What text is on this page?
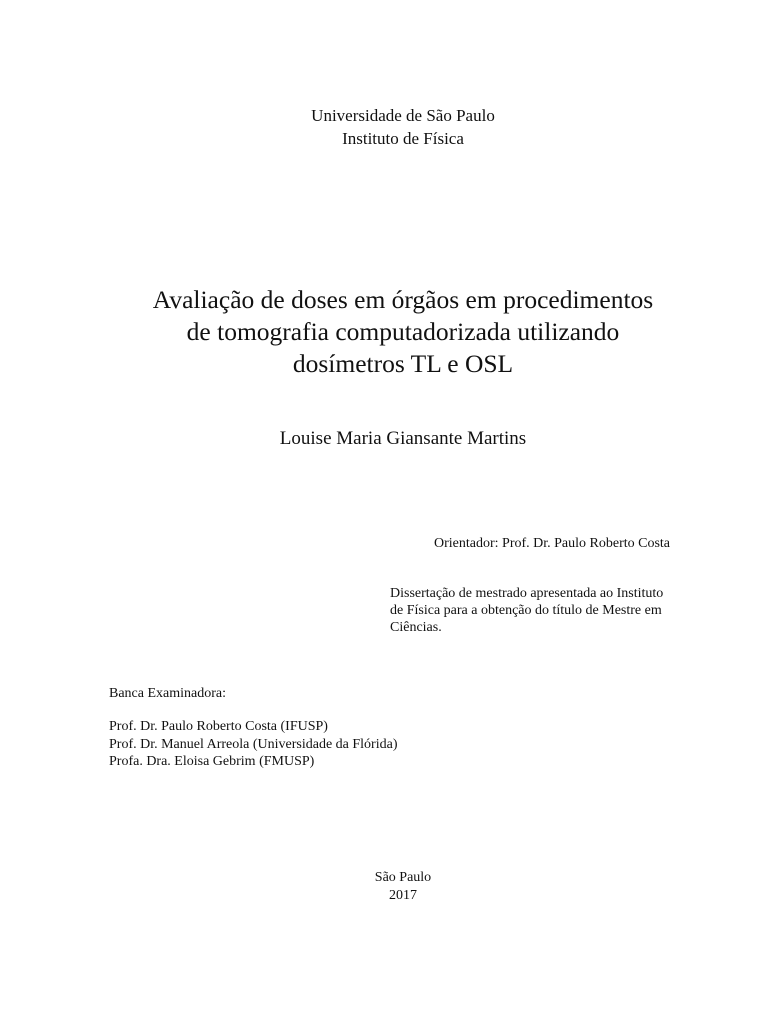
Universidade de São Paulo
Instituto de Física
Avaliação de doses em órgãos em procedimentos
de tomografia computadorizada utilizando
dosímetros TL e OSL
Louise Maria Giansante Martins
Orientador: Prof. Dr. Paulo Roberto Costa
Dissertação de mestrado apresentada ao Instituto
de Física para a obtenção do título de Mestre em
Ciências.
Banca Examinadora:
Prof. Dr. Paulo Roberto Costa (IFUSP)
Prof. Dr. Manuel Arreola (Universidade da Flórida)
Profa. Dra. Eloisa Gebrim (FMUSP)
São Paulo
2017
